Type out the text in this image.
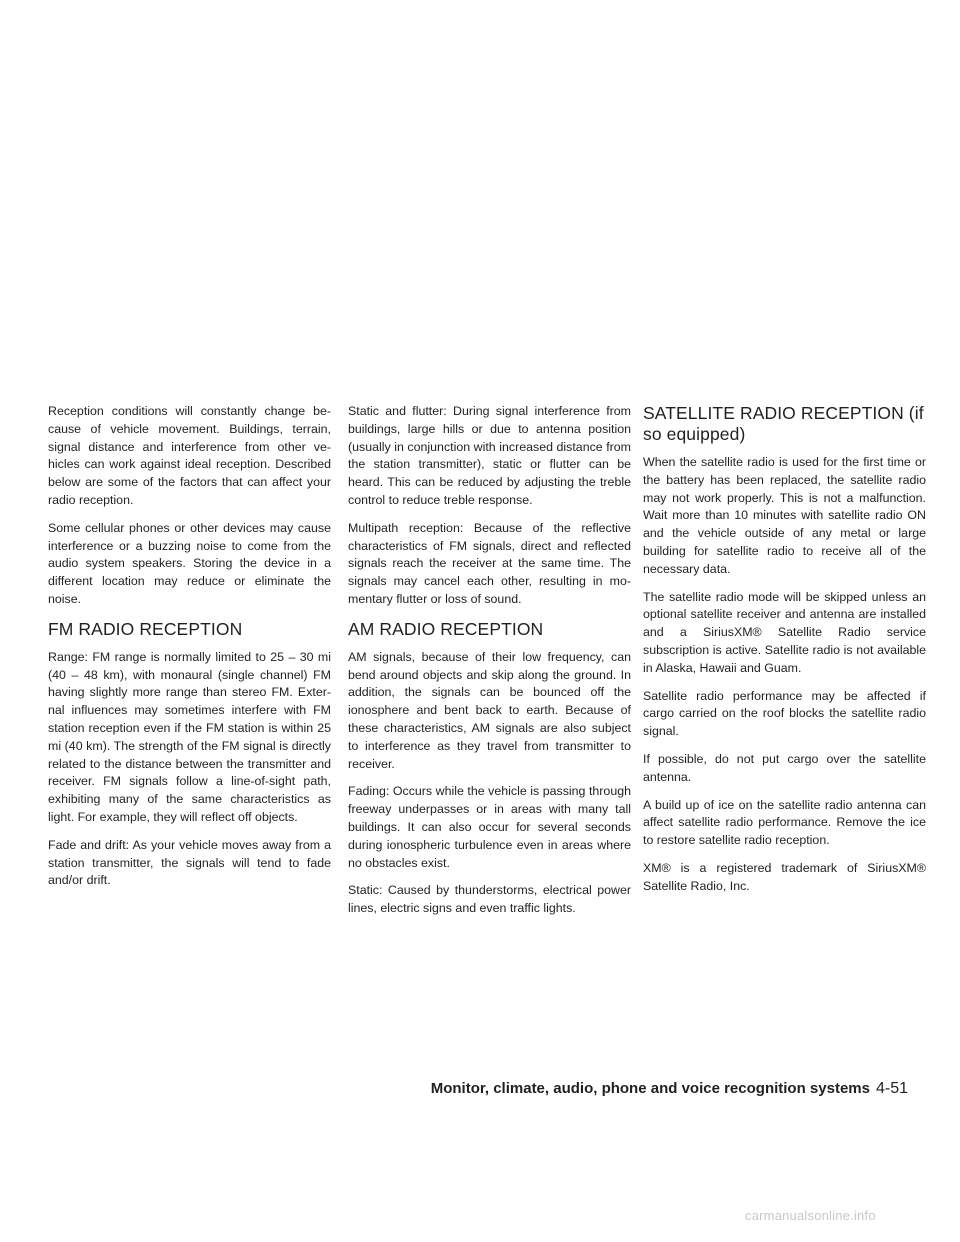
Reception conditions will constantly change because of vehicle movement. Buildings, terrain, signal distance and interference from other vehicles can work against ideal reception. Described below are some of the factors that can affect your radio reception.

Some cellular phones or other devices may cause interference or a buzzing noise to come from the audio system speakers. Storing the device in a different location may reduce or eliminate the noise.

FM RADIO RECEPTION

Range: FM range is normally limited to 25 – 30 mi (40 – 48 km), with monaural (single channel) FM having slightly more range than stereo FM. External influences may sometimes interfere with FM station reception even if the FM station is within 25 mi (40 km). The strength of the FM signal is directly related to the distance between the transmitter and receiver. FM signals follow a line-of-sight path, exhibiting many of the same characteristics as light. For example, they will reflect off objects.

Fade and drift: As your vehicle moves away from a station transmitter, the signals will tend to fade and/or drift.

Static and flutter: During signal interference from buildings, large hills or due to antenna position (usually in conjunction with increased distance from the station transmitter), static or flutter can be heard. This can be reduced by adjusting the treble control to reduce treble response.

Multipath reception: Because of the reflective characteristics of FM signals, direct and reflected signals reach the receiver at the same time. The signals may cancel each other, resulting in momentary flutter or loss of sound.

AM RADIO RECEPTION

AM signals, because of their low frequency, can bend around objects and skip along the ground. In addition, the signals can be bounced off the ionosphere and bent back to earth. Because of these characteristics, AM signals are also subject to interference as they travel from transmitter to receiver.

Fading: Occurs while the vehicle is passing through freeway underpasses or in areas with many tall buildings. It can also occur for several seconds during ionospheric turbulence even in areas where no obstacles exist.

Static: Caused by thunderstorms, electrical power lines, electric signs and even traffic lights.

SATELLITE RADIO RECEPTION (if so equipped)

When the satellite radio is used for the first time or the battery has been replaced, the satellite radio may not work properly. This is not a malfunction. Wait more than 10 minutes with satellite radio ON and the vehicle outside of any metal or large building for satellite radio to receive all of the necessary data.

The satellite radio mode will be skipped unless an optional satellite receiver and antenna are installed and a SiriusXM® Satellite Radio service subscription is active. Satellite radio is not available in Alaska, Hawaii and Guam.

Satellite radio performance may be affected if cargo carried on the roof blocks the satellite radio signal.

If possible, do not put cargo over the satellite antenna.

A build up of ice on the satellite radio antenna can affect satellite radio performance. Remove the ice to restore satellite radio reception.

XM® is a registered trademark of SiriusXM® Satellite Radio, Inc.

Monitor, climate, audio, phone and voice recognition systems 4-51
carmanualsonline.info
